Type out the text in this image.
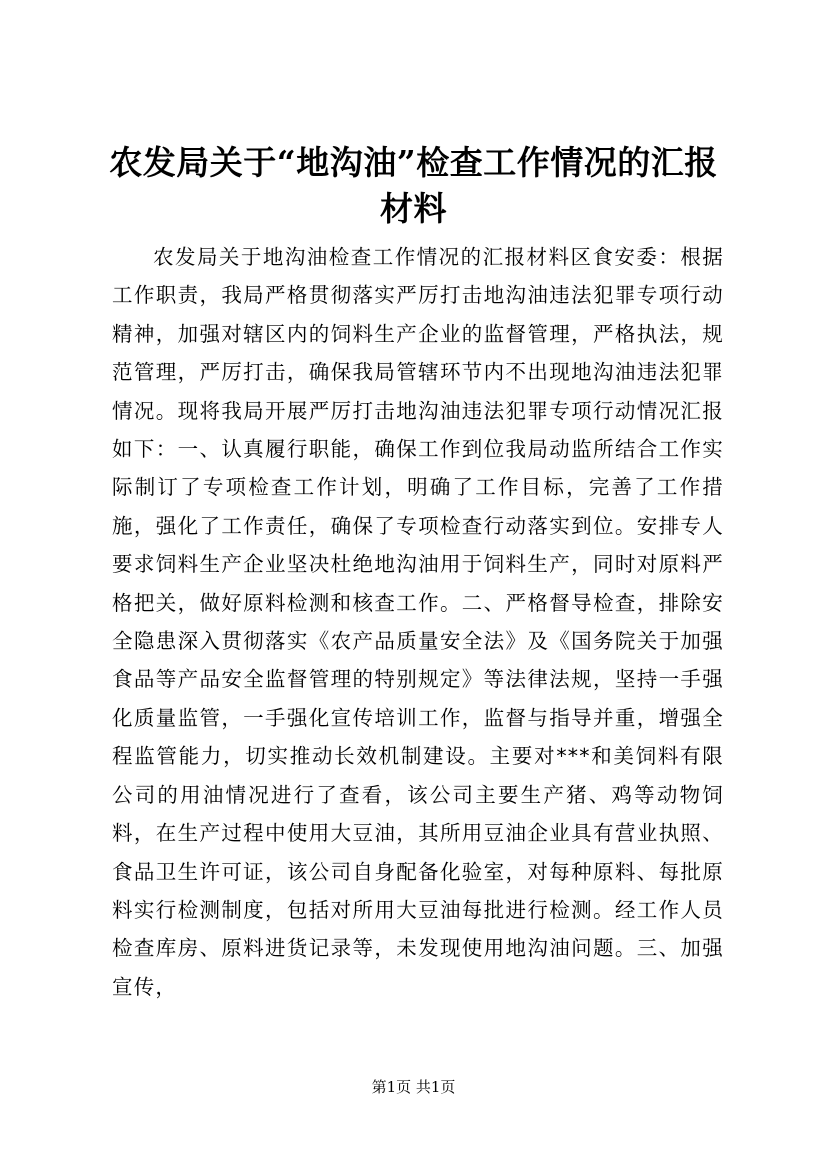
农发局关于“地沟油”检查工作情况的汇报材料

农发局关于地沟油检查工作情况的汇报材料区食安委：根据工作职责，我局严格贯彻落实严厉打击地沟油违法犯罪专项行动精神，加强对辖区内的饲料生产企业的监督管理，严格执法，规范管理，严厉打击，确保我局管辖环节内不出现地沟油违法犯罪情况。现将我局开展严厉打击地沟油违法犯罪专项行动情况汇报如下：一、认真履行职能，确保工作到位我局动监所结合工作实际制订了专项检查工作计划，明确了工作目标，完善了工作措施，强化了工作责任，确保了专项检查行动落实到位。安排专人要求饲料生产企业坚决杜绝地沟油用于饲料生产，同时对原料严格把关，做好原料检测和核查工作。二、严格督导检查，排除安全隐患深入贯彻落实《农产品质量安全法》及《国务院关于加强食品等产品安全监督管理的特别规定》等法律法规，坚持一手强化质量监管，一手强化宣传培训工作，监督与指导并重，增强全程监管能力，切实推动长效机制建设。主要对***和美饲料有限公司的用油情况进行了查看，该公司主要生产猪、鸡等动物饲料，在生产过程中使用大豆油，其所用豆油企业具有营业执照、食品卫生许可证，该公司自身配备化验室，对每种原料、每批原料实行检测制度，包括对所用大豆油每批进行检测。经工作人员检查库房、原料进货记录等，未发现使用地沟油问题。三、加强宣传，

第1页 共1页
